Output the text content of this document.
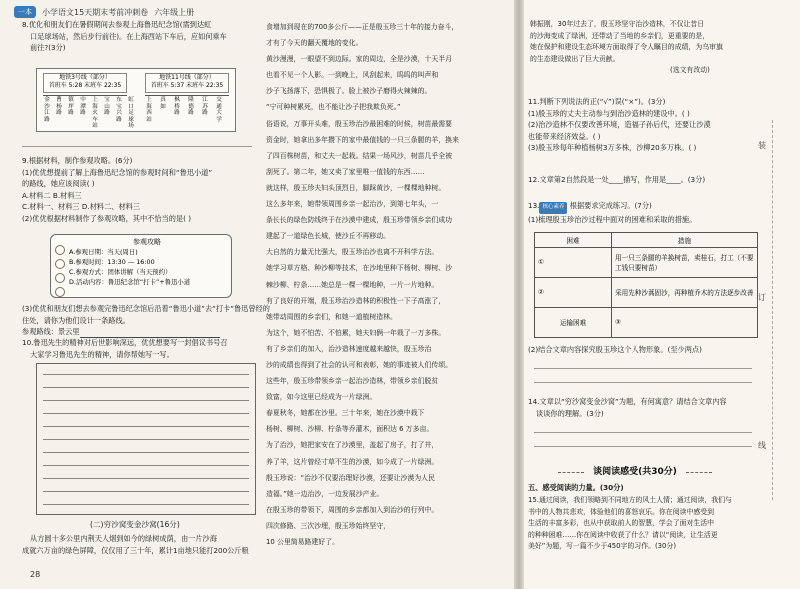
一本	小学语文15天期末考前冲刺卷 六年级上册

8.优化和朋友们在暑假期间去参观上海鲁迅纪念馆(需到达虹

口足球场站，然后步行前往)。在上海西站下车后，应如何乘车

前往?(3分)

地铁3号线（部分）
首班车 5:28 末班车 22:35
地铁11号线（部分）
首班车 5:37 末班车 22:35
金沙江路
曹杨路
镇坪路
中潭路
上海火车站
宝山路
东宝兴路
虹口足球场
上海西站
真如
枫桥路
隆德路
江苏路
交通大学

9.根据材料，制作参观攻略。(6分)

(1)优优想提前了解上海鲁迅纪念馆的参观时间和“鲁迅小道”

的路线，她应该阅读( )

A.材料二 B.材料三

C.材料一、材料三 D.材料二、材料三

(2)优优根据材料制作了参观攻略，其中不恰当的是( )

参观攻略
A.参观日期：当天(周日)
B.参观时间：13:30 — 16:00
C.参观方式：团体讲解（当天预约）
D.活动内容：鲁迅纪念馆“打卡”+鲁迅小道

(3)优优和朋友们想去参观完鲁迅纪念馆后沿着“鲁迅小道”去“打卡”鲁迅曾经的

住处，请你为他们设计一条路线。

参观路线：景云里

10.鲁迅先生的精神对后世影响深远，优优想要写一封倡议书号召

大家学习鲁迅先生的精神，请你帮她写一写。

(二)穷沙窝变金沙窝(16分)

从方圆十多公里内荆天人烟到如今的绿树成荫，由一片沙海

成就六万亩的绿色屏障，仅仅用了三十年，累计1亩地只能打200公斤粮

28

食增加到现在的700多公斤——正是殷玉珍三十年的接力奋斗，

才有了今天的翻天覆地的变化。

黄沙漫漫，一眼望不到边际。家的周边，全是沙漠，十天半月

也看不见一个人影。一到晚上，风刮起来，呜呜的叫声和

沙子飞扬落下，恐惧极了。脸上被沙子磨得火辣辣的。

“宁可种树累死，也不能让沙子把我欺负死。”

俗语说，万事开头难，殷玉珍治沙最困难的时候，树苗最需要

资金时，她拿出多年攒下的家中最值钱的一只三条腿的羊，换来

了四百株树苗，和丈夫一起栽。结果一场风沙，树苗几乎全被

刮死了。第二年，她又卖了家里唯一值钱的东西……

就这样，殷玉珍夫妇头顶烈日，脚踩黄沙，一棵棵地种树。

这么多年来，她带领周围乡亲一起治沙，到第七年头，一

条长长的绿色防线终于在沙漠中建成，殷玉珍带领乡亲们成功

建起了一道绿色长城，使沙丘不再移动。

大自然的力量无比强大，殷玉珍治沙也离不开科学方法。

她学习草方格、种沙柳等技术，在沙地里种下杨树、柳树、沙

棘沙柳、柠条……她总是一棵一棵地种，一片一片地种。

有了良好的开端，殷玉珍治沙造林的积极性一下子高涨了，

她带动周围的乡亲们，和她一道植树造林。

为这个，她不怕苦、不怕累，她夫妇俩一年栽了一万多株。

有了乡亲们的加入，治沙造林速度越来越快，殷玉珍治

沙的成绩也得到了社会的认可和表彰，她的事迹被人们传颂。

这些年，殷玉珍带领乡亲一起治沙造林，带领乡亲们脱贫

致富，如今这里已经成为一片绿洲。

春夏秋冬，她都在沙里。三十年来，她在沙漠中栽下

杨树、柳树、沙柳、柠条等乔灌木，面积达 6 万多亩。

为了治沙，她把家安在了沙漠里，盖起了房子，打了井，

养了羊，这片曾经寸草不生的沙漠，如今成了一片绿洲。

殷玉珍说：“治沙不仅要治理好沙漠，还要让沙漠为人民

造福。”她一边治沙，一边发展沙产业。

在殷玉珍的带领下，周围的乡亲都加入到治沙的行列中。

四次修路、三次沙埋，殷玉珍始终坚守，

10 公里简易路建好了。

韩振刚，30年过去了，殷玉珍坚守治沙造林，不仅让昔日

的沙海变成了绿洲，还带动了当地的乡亲们，更重要的是，

她在保护和建设生态环境方面取得了令人瞩目的成绩，为乌审旗

的生态建设做出了巨大贡献。

(选文有改动)

11.判断下列说法的正(“√”)误(“×”)。(3分)

(1)殷玉珍的丈夫主动参与到治沙造林的建设中。( )

(2)治沙造林不仅要改善环境，造福子孙后代，还要让沙漠

也能带来经济效益。( )

(3)殷玉珍每年种植杨树3万多株，沙柳20多万株。( )

12.文章第2自然段是一处____描写，作用是____。(3分)

13. 核心素养 根据要求完成练习。(7分)

(1)梳理殷玉珍治沙过程中面对的困难和采取的措施。

困难	措施
①	用一只三条腿的羊换树苗，卖桂石，打工（不要工钱只要树苗）
②	采用先种沙蒿固沙，再种植乔木的方法逐步改善
运输困难	③

(2)结合文章内容探究殷玉珍这个人物形象。(至少两点)

14.文章以“穷沙窝变金沙窝”为题，有何寓意？请结合文章内容

谈谈你的理解。(3分)

谈阅读感受(共30分)
五、感受阅读的力量。(30分)

15.通过阅读，我们领略到不同地方的风土人情；通过阅读，我们与

书中的人物共悲欢，体验他们的喜怒哀乐。你在阅读中感受到

生活的丰富多彩，也从中获取前人的智慧，学会了面对生活中

的种种困难……你在阅读中收获了什么？请以“阅读，让生活更

美好”为题，写一篇不少于450字的习作。(30分)

装
订
线
